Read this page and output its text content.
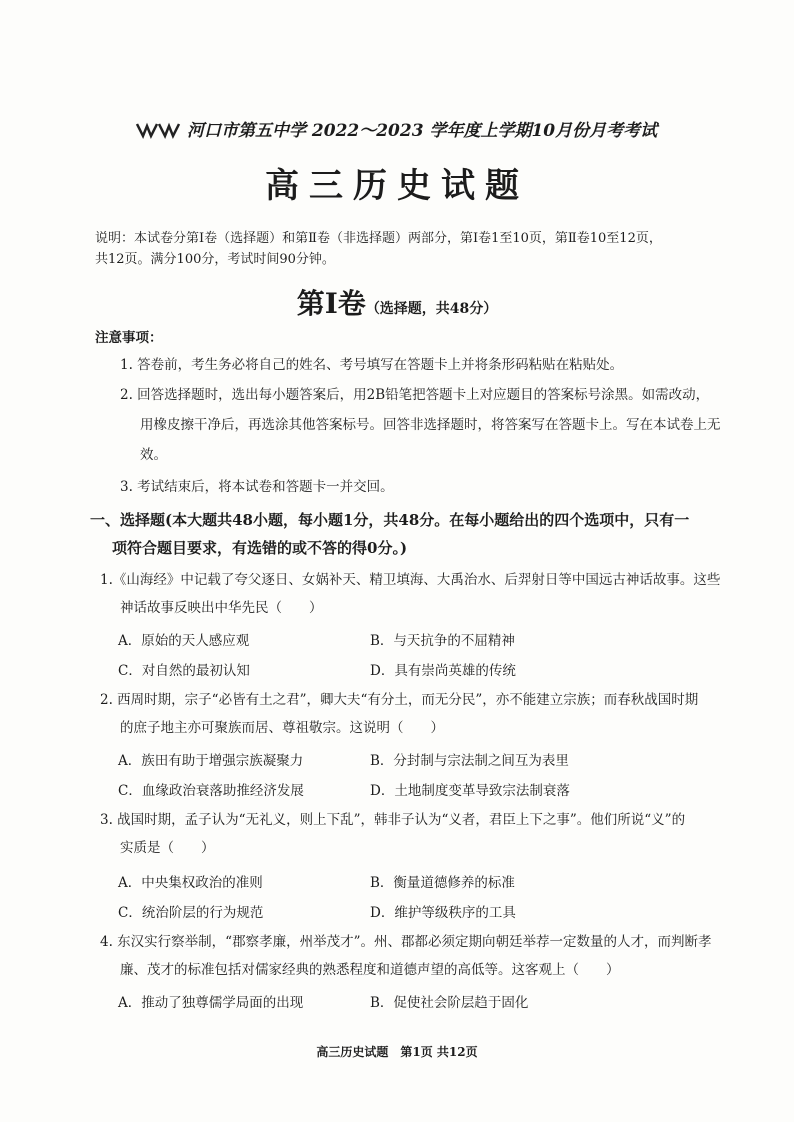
河口市第五中学 2022～2023 学年度上学期10月份月考考试
高三历史试题
说明：本试卷分第Ⅰ卷（选择题）和第Ⅱ卷（非选择题）两部分，第Ⅰ卷1至10页，第Ⅱ卷10至12页，
共12页。满分100分，考试时间90分钟。
第Ⅰ卷（选择题，共48分）
注意事项：
1. 答卷前，考生务必将自己的姓名、考号填写在答题卡上并将条形码粘贴在粘贴处。
2. 回答选择题时，选出每小题答案后，用2B铅笔把答题卡上对应题目的答案标号涂黑。如需改动，
用橡皮擦干净后，再选涂其他答案标号。回答非选择题时，将答案写在答题卡上。写在本试卷上无
效。
3. 考试结束后，将本试卷和答题卡一并交回。
一、选择题(本大题共48小题，每小题1分，共48分。在每小题给出的四个选项中，只有一
项符合题目要求，有选错的或不答的得0分。)
1.《山海经》中记载了夸父逐日、女娲补天、精卫填海、大禹治水、后羿射日等中国远古神话故事。这些
神话故事反映出中华先民（　　）
A．原始的天人感应观	B．与天抗争的不屈精神
C．对自然的最初认知	D．具有崇尚英雄的传统
2. 西周时期，宗子“必皆有土之君”，卿大夫“有分土，而无分民”，亦不能建立宗族；而春秋战国时期
的庶子地主亦可聚族而居、尊祖敬宗。这说明（　　）
A．族田有助于增强宗族凝聚力	B．分封制与宗法制之间互为表里
C．血缘政治衰落助推经济发展	D．土地制度变革导致宗法制衰落
3. 战国时期，孟子认为“无礼义，则上下乱”，韩非子认为“义者，君臣上下之事”。他们所说“义”的
实质是（　　）
A．中央集权政治的准则	B．衡量道德修养的标准
C．统治阶层的行为规范	D．维护等级秩序的工具
4. 东汉实行察举制，“郡察孝廉，州举茂才”。州、郡都必须定期向朝廷举荐一定数量的人才，而判断孝
廉、茂才的标准包括对儒家经典的熟悉程度和道德声望的高低等。这客观上（　　）
A．推动了独尊儒学局面的出现	B．促使社会阶层趋于固化
高三历史试题　第1页 共12页
